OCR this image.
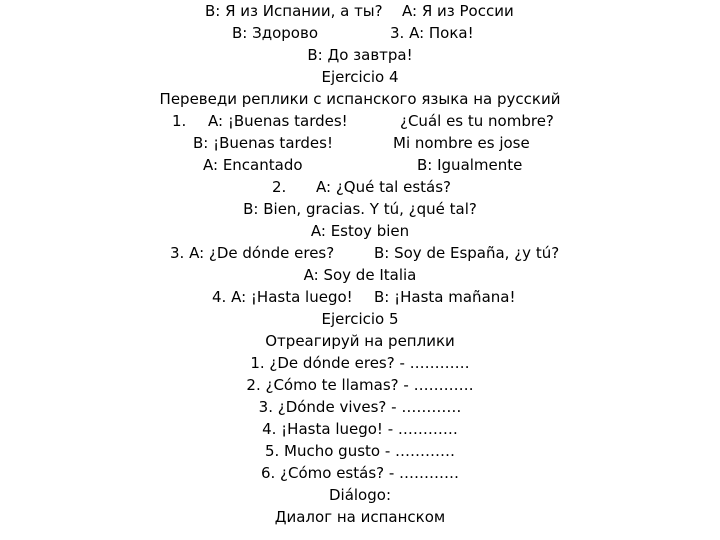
B: Я из Испании, а ты? A: Я из России
B: Здорово	3. A: Пока!
B: До завтра!
Ejercicio 4
Переведи реплики с испанского языка на русский
1. A: ¡Buenas tardes!	¿Cuál es tu nombre?
B: ¡Buenas tardes!	Mi nombre es jose
A: Encantado	B: Igualmente
2. A: ¿Qué tal estás?
B: Bien, gracias. Y tú, ¿qué tal?
A: Estoy bien
3. A: ¿De dónde eres?	B: Soy de España, ¿y tú?
A: Soy de Italia
4. A: ¡Hasta luego! B: ¡Hasta mañana!
Ejercicio 5
Отреагируй на реплики
1. ¿De dónde eres? - …………
2. ¿Cómo te llamas? - …………
3. ¿Dónde vives? - …………
4. ¡Hasta luego! - …………
5. Mucho gusto - …………
6. ¿Cómo estás? - …………
Diálogo:
Диалог на испанском
